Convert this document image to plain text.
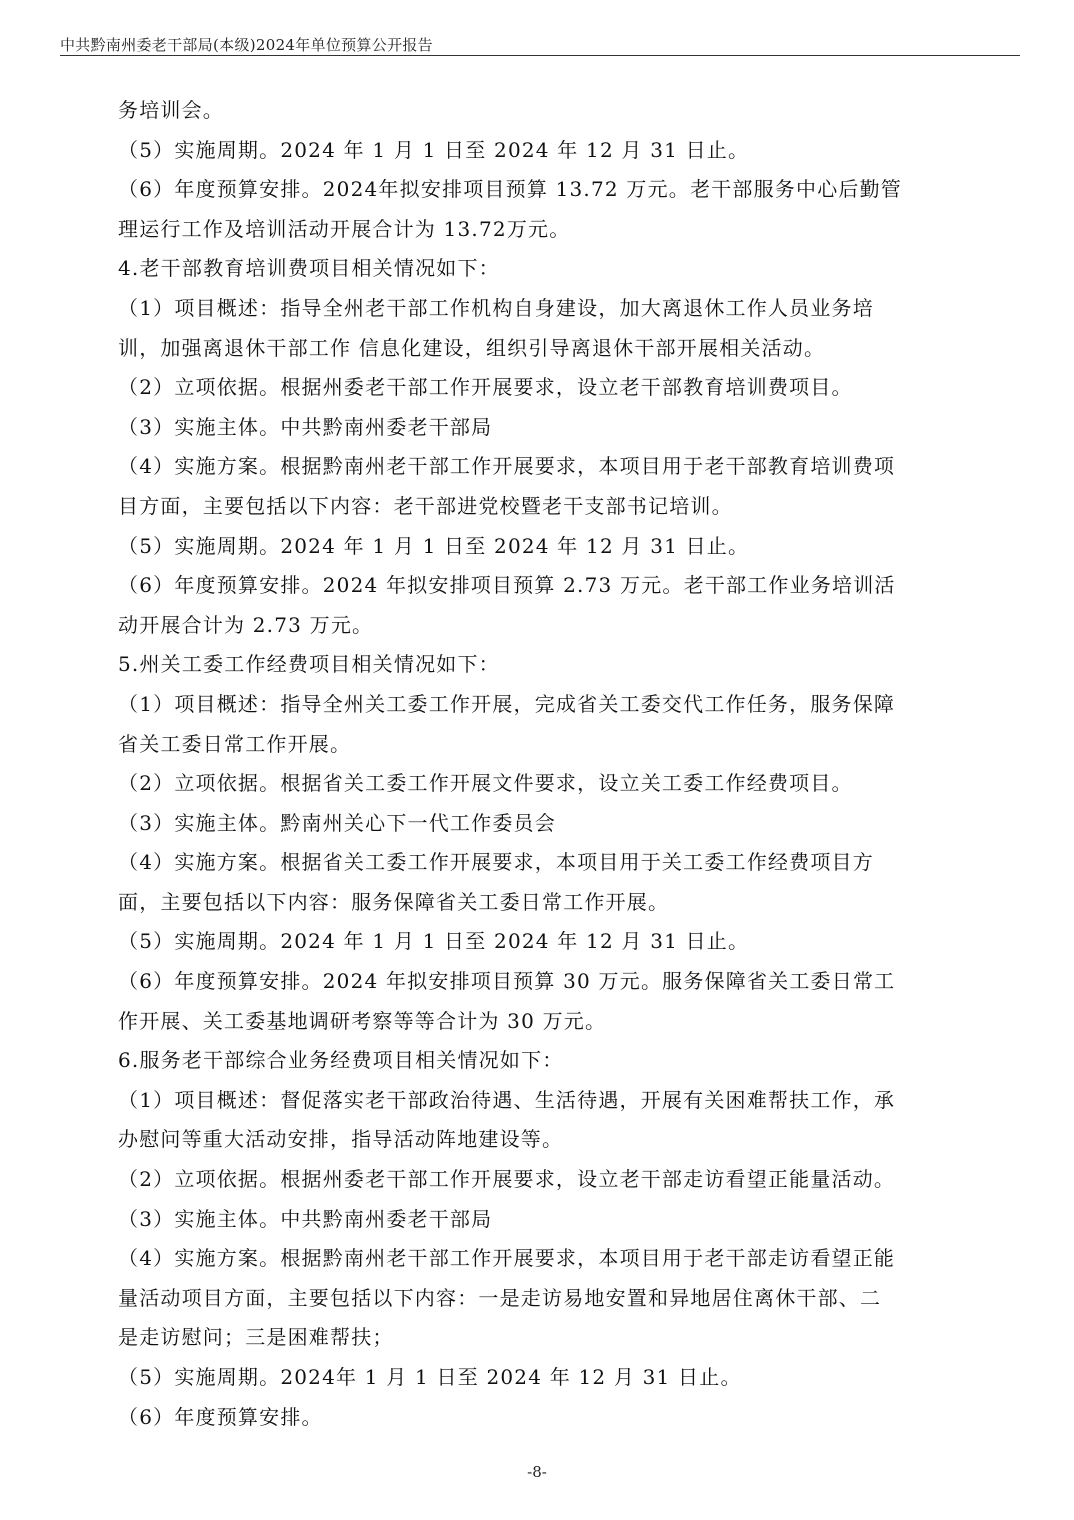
中共黔南州委老干部局(本级)2024年单位预算公开报告
务培训会。
（5）实施周期。2024 年 1 月 1 日至 2024 年 12 月 31 日止。
（6）年度预算安排。2024年拟安排项目预算 13.72 万元。老干部服务中心后勤管
理运行工作及培训活动开展合计为 13.72万元。
4.老干部教育培训费项目相关情况如下：
（1）项目概述：指导全州老干部工作机构自身建设，加大离退休工作人员业务培
训，加强离退休干部工作 信息化建设，组织引导离退休干部开展相关活动。
（2）立项依据。根据州委老干部工作开展要求，设立老干部教育培训费项目。
（3）实施主体。中共黔南州委老干部局
（4）实施方案。根据黔南州老干部工作开展要求，本项目用于老干部教育培训费项
目方面，主要包括以下内容：老干部进党校暨老干支部书记培训。
（5）实施周期。2024 年 1 月 1 日至 2024 年 12 月 31 日止。
（6）年度预算安排。2024 年拟安排项目预算 2.73 万元。老干部工作业务培训活
动开展合计为 2.73 万元。
5.州关工委工作经费项目相关情况如下：
（1）项目概述：指导全州关工委工作开展，完成省关工委交代工作任务，服务保障
省关工委日常工作开展。
（2）立项依据。根据省关工委工作开展文件要求，设立关工委工作经费项目。
（3）实施主体。黔南州关心下一代工作委员会
（4）实施方案。根据省关工委工作开展要求，本项目用于关工委工作经费项目方
面，主要包括以下内容：服务保障省关工委日常工作开展。
（5）实施周期。2024 年 1 月 1 日至 2024 年 12 月 31 日止。
（6）年度预算安排。2024 年拟安排项目预算 30 万元。服务保障省关工委日常工
作开展、关工委基地调研考察等等合计为 30 万元。
6.服务老干部综合业务经费项目相关情况如下：
（1）项目概述：督促落实老干部政治待遇、生活待遇，开展有关困难帮扶工作，承
办慰问等重大活动安排，指导活动阵地建设等。
（2）立项依据。根据州委老干部工作开展要求，设立老干部走访看望正能量活动。
（3）实施主体。中共黔南州委老干部局
（4）实施方案。根据黔南州老干部工作开展要求，本项目用于老干部走访看望正能
量活动项目方面，主要包括以下内容：一是走访易地安置和异地居住离休干部、二
是走访慰问；三是困难帮扶；
（5）实施周期。2024年 1 月 1 日至 2024 年 12 月 31 日止。
（6）年度预算安排。
-8-
